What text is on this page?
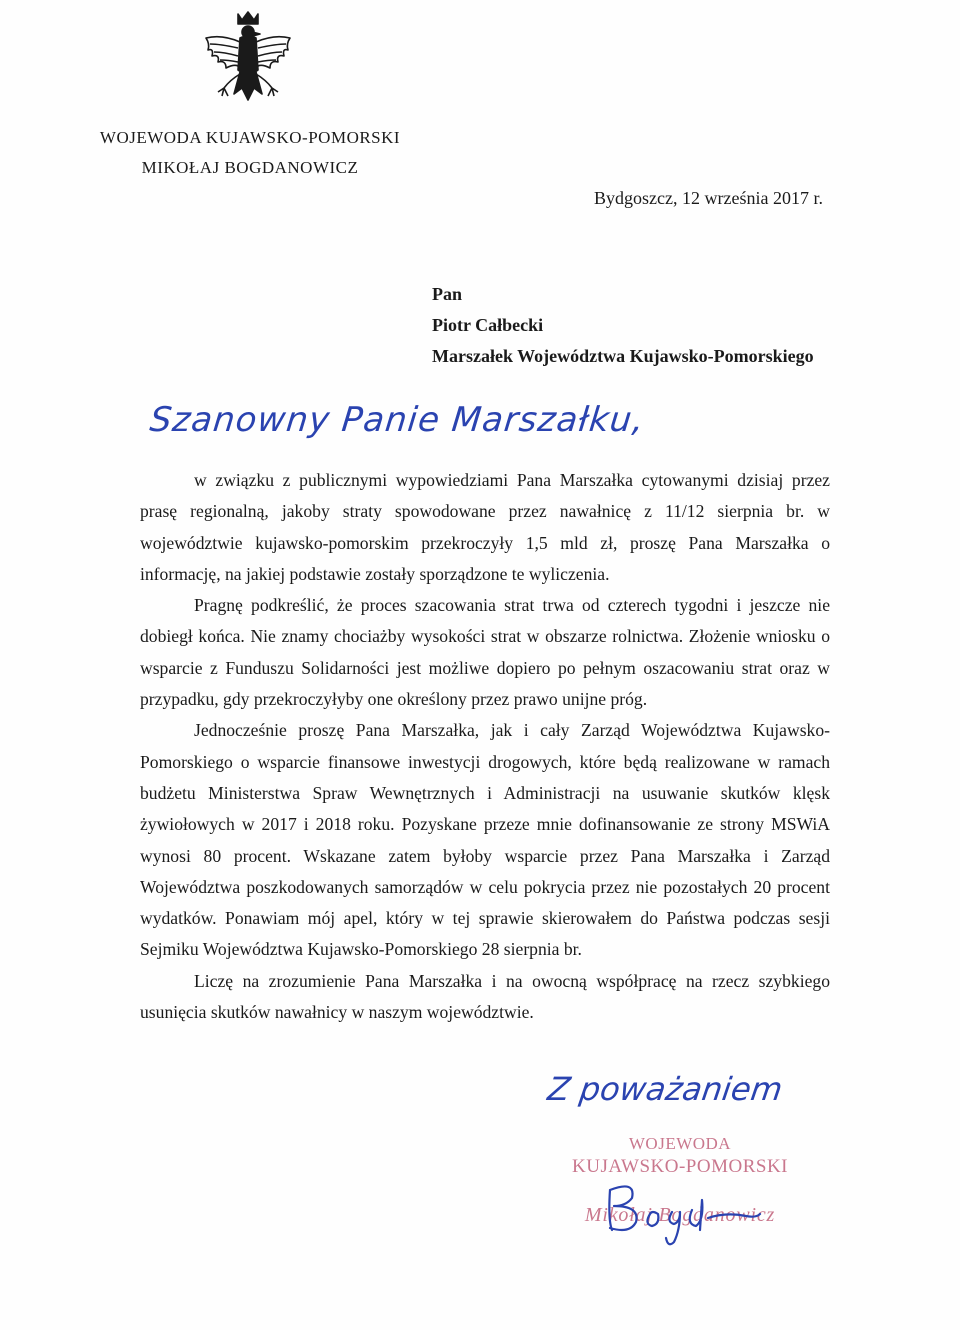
WOJEWODA KUJAWSKO-POMORSKI
MIKOŁAJ BOGDANOWICZ
Bydgoszcz, 12 września 2017 r.
Pan
Piotr Całbecki
Marszałek Województwa Kujawsko-Pomorskiego
Szanowny Panie Marszałku,

w związku z publicznymi wypowiedziami Pana Marszałka cytowanymi dzisiaj przez prasę regionalną, jakoby straty spowodowane przez nawałnicę z 11/12 sierpnia br. w województwie kujawsko-pomorskim przekroczyły 1,5 mld zł, proszę Pana Marszałka o informację, na jakiej podstawie zostały sporządzone te wyliczenia.

Pragnę podkreślić, że proces szacowania strat trwa od czterech tygodni i jeszcze nie dobiegł końca. Nie znamy chociażby wysokości strat w obszarze rolnictwa. Złożenie wniosku o wsparcie z Funduszu Solidarności jest możliwe dopiero po pełnym oszacowaniu strat oraz w przypadku, gdy przekroczyłyby one określony przez prawo unijne próg.

Jednocześnie proszę Pana Marszałka, jak i cały Zarząd Województwa Kujawsko-Pomorskiego o wsparcie finansowe inwestycji drogowych, które będą realizowane w ramach budżetu Ministerstwa Spraw Wewnętrznych i Administracji na usuwanie skutków klęsk żywiołowych w 2017 i 2018 roku. Pozyskane przeze mnie dofinansowanie ze strony MSWiA wynosi 80 procent. Wskazane zatem byłoby wsparcie przez Pana Marszałka i Zarząd Województwa poszkodowanych samorządów w celu pokrycia przez nie pozostałych 20 procent wydatków. Ponawiam mój apel, który w tej sprawie skierowałem do Państwa podczas sesji Sejmiku Województwa Kujawsko-Pomorskiego 28 sierpnia br.

Liczę na zrozumienie Pana Marszałka i na owocną współpracę na rzecz szybkiego usunięcia skutków nawałnicy w naszym województwie.

Z poważaniem
WOJEWODA
KUJAWSKO-POMORSKI
Mikołaj Bogdanowicz
